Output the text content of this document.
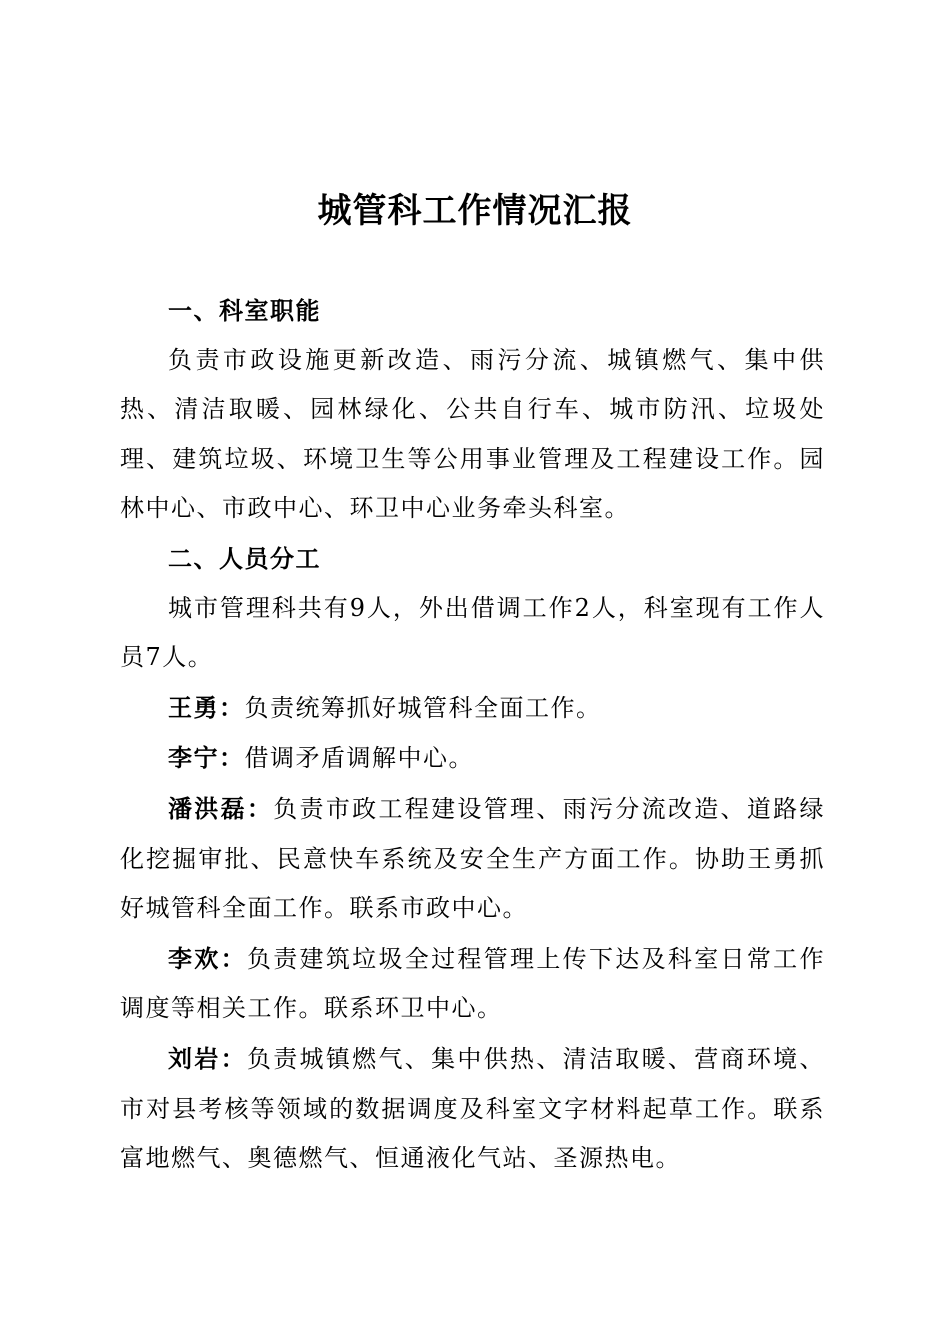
城管科工作情况汇报

一、科室职能

负责市政设施更新改造、雨污分流、城镇燃气、集中供热、清洁取暖、园林绿化、公共自行车、城市防汛、垃圾处理、建筑垃圾、环境卫生等公用事业管理及工程建设工作。园林中心、市政中心、环卫中心业务牵头科室。

二、人员分工

城市管理科共有9人，外出借调工作2人，科室现有工作人员7人。

王勇：负责统筹抓好城管科全面工作。

李宁：借调矛盾调解中心。

潘洪磊：负责市政工程建设管理、雨污分流改造、道路绿化挖掘审批、民意快车系统及安全生产方面工作。协助王勇抓好城管科全面工作。联系市政中心。

李欢：负责建筑垃圾全过程管理上传下达及科室日常工作调度等相关工作。联系环卫中心。

刘岩：负责城镇燃气、集中供热、清洁取暖、营商环境、市对县考核等领域的数据调度及科室文字材料起草工作。联系富地燃气、奥德燃气、恒通液化气站、圣源热电。
